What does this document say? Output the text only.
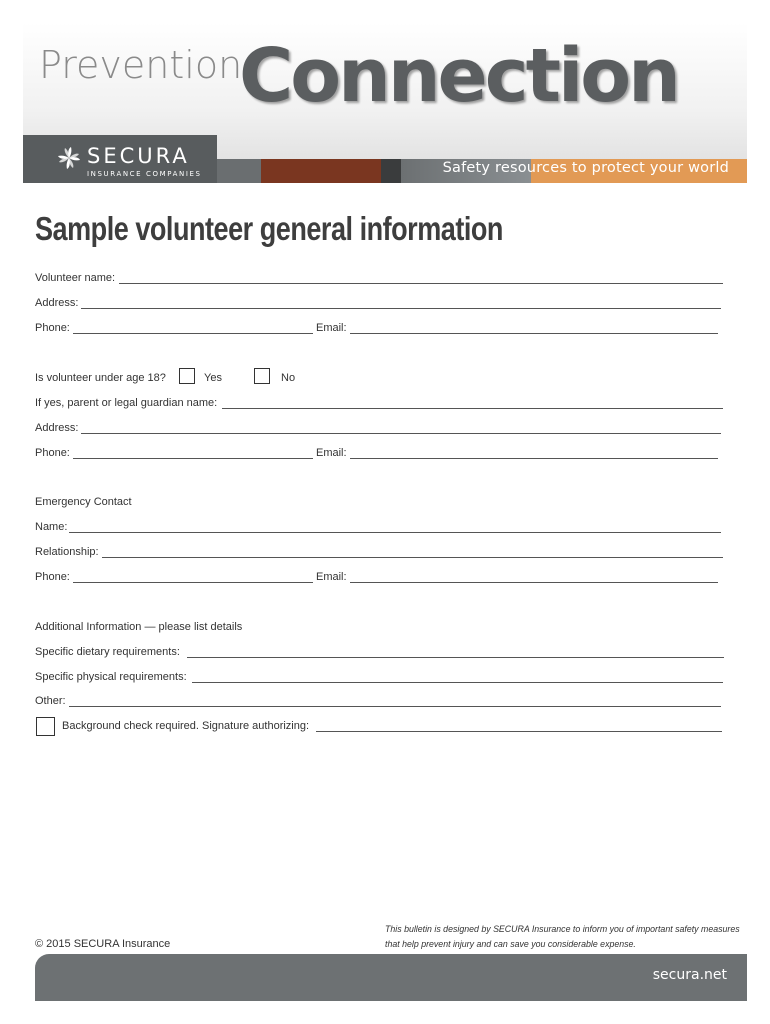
Prevention
Connection
Safety resources to protect your world
SECURA
INSURANCE COMPANIES
Sample volunteer general information
Volunteer name:
Address:
Phone:	Email:
Is volunteer under age 18?	Yes	No
If yes, parent or legal guardian name:
Address:
Phone:	Email:
Emergency Contact
Name:
Relationship:
Phone:	Email:
Additional Information — please list details
Specific dietary requirements:
Specific physical requirements:
Other:
Background check required. Signature authorizing:
© 2015 SECURA Insurance
This bulletin is designed by SECURA Insurance to inform you of important safety measures that help prevent injury and can save you considerable expense.
secura.net
